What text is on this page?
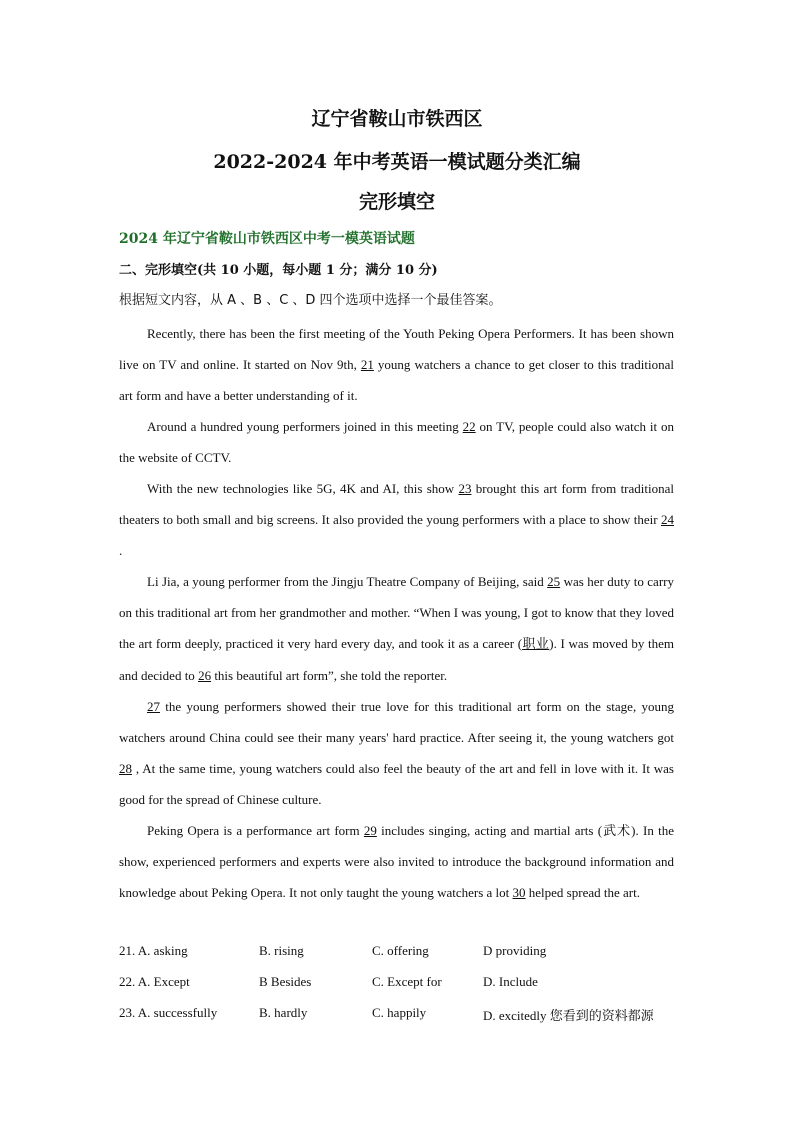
辽宁省鞍山市铁西区
2022-2024 年中考英语一模试题分类汇编
完形填空
2024 年辽宁省鞍山市铁西区中考一模英语试题
二、完形填空(共 10 小题，每小题 1 分；满分 10 分)
根据短文内容，从 A 、B 、C 、D 四个选项中选择一个最佳答案。

Recently, there has been the first meeting of the Youth Peking Opera Performers. It has been shown live on TV and online. It started on Nov 9th, 21 young watchers a chance to get closer to this traditional art form and have a better understanding of it.

Around a hundred young performers joined in this meeting 22 on TV, people could also watch it on the website of CCTV.

With the new technologies like 5G, 4K and AI, this show 23 brought this art form from traditional theaters to both small and big screens. It also provided the young performers with a place to show their 24 .

Li Jia, a young performer from the Jingju Theatre Company of Beijing, said 25 was her duty to carry on this traditional art from her grandmother and mother. “When I was young, I got to know that they loved the art form deeply, practiced it very hard every day, and took it as a career (职业). I was moved by them and decided to 26 this beautiful art form”, she told the reporter.

27 the young performers showed their true love for this traditional art form on the stage, young watchers around China could see their many years' hard practice. After seeing it, the young watchers got 28 , At the same time, young watchers could also feel the beauty of the art and fell in love with it. It was good for the spread of Chinese culture.

Peking Opera is a performance art form 29 includes singing, acting and martial arts (武术). In the show, experienced performers and experts were also invited to introduce the background information and knowledge about Peking Opera. It not only taught the young watchers a lot 30 helped spread the art.

21. A. asking	B. rising	C. offering	D providing
22. A. Except	B Besides	C. Except for	D. Include
23. A. successfully	B. hardly	C. happily	D. excitedly 您看到的资料都源
